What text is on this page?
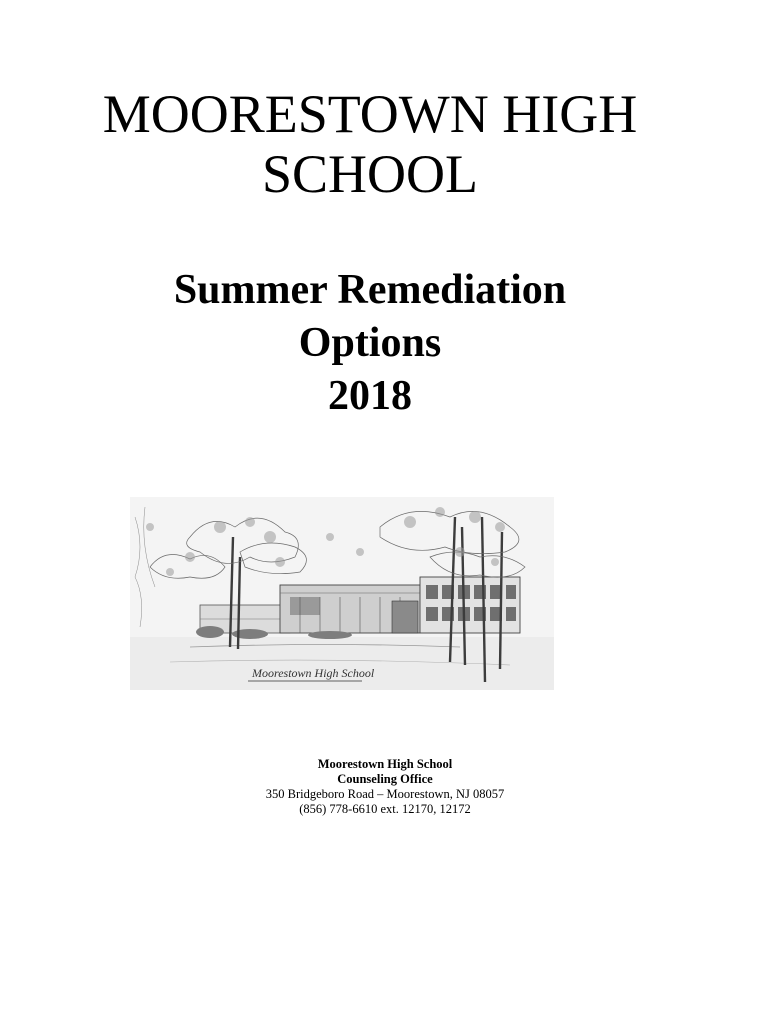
MOORESTOWN HIGH
SCHOOL
Summer Remediation
Options
2018
Moorestown High School
Moorestown High School
Counseling Office
350 Bridgeboro Road – Moorestown, NJ 08057
(856) 778-6610 ext. 12170, 12172
